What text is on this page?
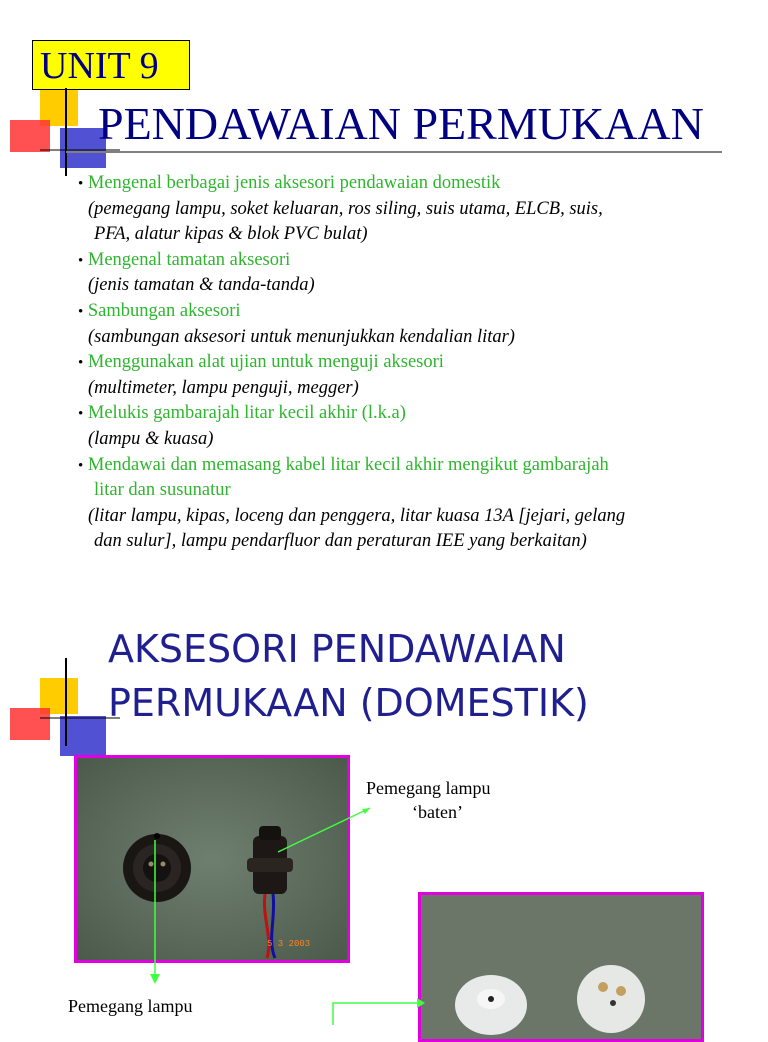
UNIT 9
PENDAWAIAN PERMUKAAN
• Mengenal berbagai jenis aksesori pendawaian domestik
(pemegang lampu, soket keluaran, ros siling, suis utama, ELCB, suis,
PFA, alatur kipas & blok PVC bulat)
• Mengenal tamatan aksesori
(jenis tamatan & tanda-tanda)
• Sambungan aksesori
(sambungan aksesori untuk menunjukkan kendalian litar)
• Menggunakan alat ujian untuk menguji aksesori
(multimeter, lampu penguji, megger)
• Melukis gambarajah litar kecil akhir (l.k.a)
(lampu & kuasa)
• Mendawai dan memasang kabel litar kecil akhir mengikut gambarajah
litar dan susunatur
(litar lampu, kipas, loceng dan penggera, litar kuasa 13A [jejari, gelang
dan sulur], lampu pendarfluor dan peraturan IEE yang berkaitan)
AKSESORI PENDAWAIAN
PERMUKAAN (DOMESTIK)
5 3 2003
Pemegang lampu
‘baten’
Pemegang lampu
